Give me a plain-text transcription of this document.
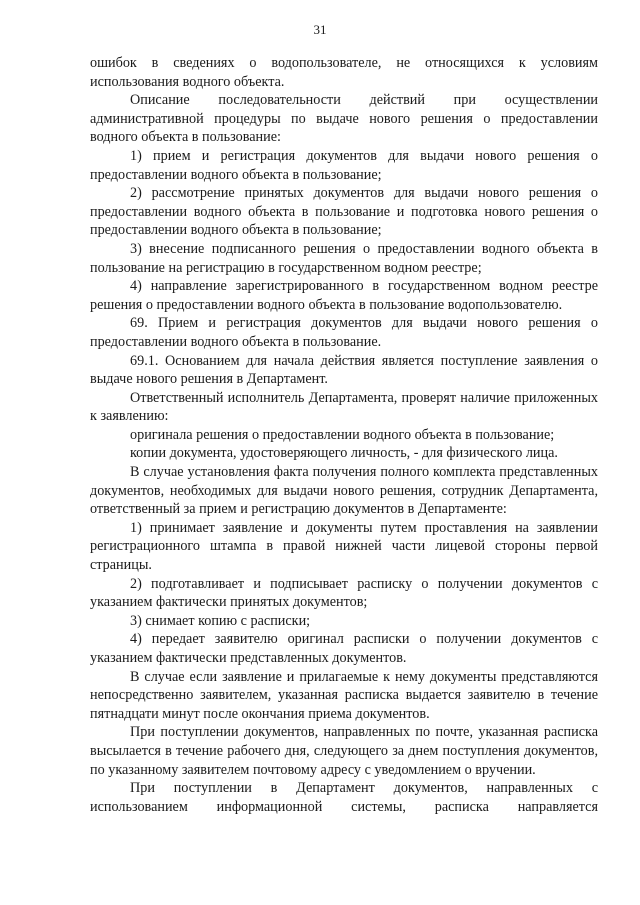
31

ошибок в сведениях о водопользователе, не относящихся к условиям использования водного объекта.

Описание последовательности действий при осуществлении административной процедуры по выдаче нового решения о предоставлении водного объекта в пользование:

1) прием и регистрация документов для выдачи нового решения о предоставлении водного объекта в пользование;

2) рассмотрение принятых документов для выдачи нового решения о предоставлении водного объекта в пользование и подготовка нового решения о предоставлении водного объекта в пользование;

3) внесение подписанного решения о предоставлении водного объекта в пользование на регистрацию в государственном водном реестре;

4) направление зарегистрированного в государственном водном реестре решения о предоставлении водного объекта в пользование водопользователю.

69. Прием и регистрация документов для выдачи нового решения о предоставлении водного объекта в пользование.

69.1. Основанием для начала действия является поступление заявления о выдаче нового решения в Департамент.

Ответственный исполнитель Департамента, проверят наличие приложенных к заявлению:

оригинала решения о предоставлении водного объекта в пользование;

копии документа, удостоверяющего личность, - для физического лица.

В случае установления факта получения полного комплекта представленных документов, необходимых для выдачи нового решения, сотрудник Департамента, ответственный за прием и регистрацию документов в Департаменте:

1) принимает заявление и документы путем проставления на заявлении регистрационного штампа в правой нижней части лицевой стороны первой страницы.

2) подготавливает и подписывает расписку о получении документов с указанием фактически принятых документов;

3) снимает копию с расписки;

4) передает заявителю оригинал расписки о получении документов с указанием фактически представленных документов.

В случае если заявление и прилагаемые к нему документы представляются непосредственно заявителем, указанная расписка выдается заявителю в течение пятнадцати минут после окончания приема документов.

При поступлении документов, направленных по почте, указанная расписка высылается в течение рабочего дня, следующего за днем поступления документов, по указанному заявителем почтовому адресу с уведомлением о вручении.

При поступлении в Департамент документов, направленных с использованием информационной системы, расписка направляется
